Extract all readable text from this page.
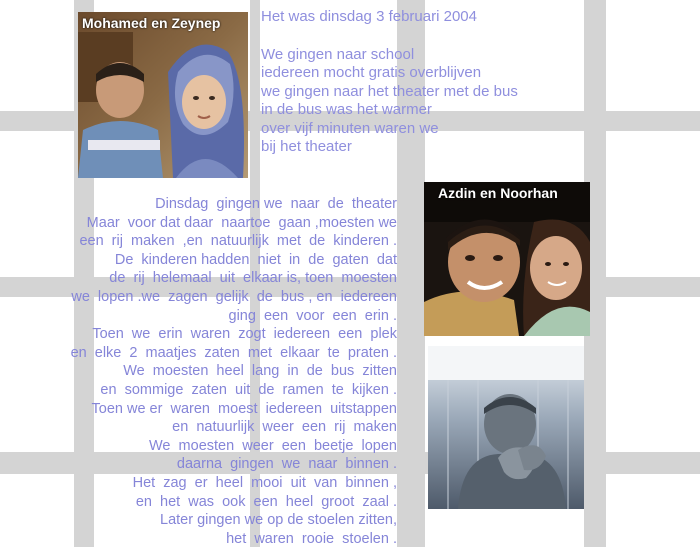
Mohamed en Zeynep	Het was dinsdag 3 februari 2004
We gingen naar school
iedereen mocht gratis overblijven
we gingen naar het theater met de bus
in de bus was het warmer
over vijf minuten waren we
bij het theater
Azdin en Noorhan
Dinsdag  gingen we  naar  de  theater
Maar  voor dat daar  naartoe  gaan ,moesten we
een  rij  maken  ,en  natuurlijk  met  de  kinderen .
De  kinderen hadden  niet  in  de  gaten  dat
de  rij  helemaal  uit  elkaar is, toen  moesten
we  lopen .we  zagen  gelijk  de  bus , en  iedereen
ging  een  voor  een  erin .
Toen  we  erin  waren  zogt  iedereen  een  plek
en  elke  2  maatjes  zaten  met  elkaar  te  praten .
We  moesten  heel  lang  in  de  bus  zitten
en  sommige  zaten  uit  de  ramen  te  kijken .
Toen we er  waren  moest  iedereen  uitstappen
en  natuurlijk  weer  een  rij  maken
We  moesten  weer  een  beetje  lopen
daarna  gingen  we  naar  binnen .
Het  zag  er  heel  mooi  uit  van  binnen ,
en  het  was  ook  een  heel  groot  zaal .
Later gingen we op de stoelen zitten,
het  waren  rooie  stoelen .
